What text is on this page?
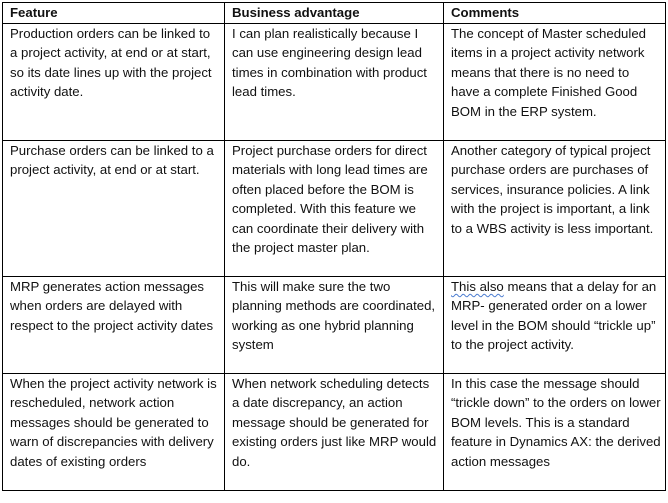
Feature	Business advantage	Comments
Production orders can be linked to a project activity, at end or at start, so its date lines up with the project activity date.	I can plan realistically because I can use engineering design lead times in combination with product lead times.	The concept of Master scheduled items in a project activity network means that there is no need to have a complete Finished Good BOM in the ERP system.
Purchase orders can be linked to a project activity, at end or at start.	Project purchase orders for direct materials with long lead times are often placed before the BOM is completed. With this feature we can coordinate their delivery with the project master plan.	Another category of typical project purchase orders are purchases of services, insurance policies. A link with the project is important, a link to a WBS activity is less important.
MRP generates action messages when orders are delayed with respect to the project activity dates	This will make sure the two planning methods are coordinated, working as one hybrid planning system	This also means that a delay for an MRP- generated order on a lower level in the BOM should “trickle up” to the project activity.
When the project activity network is rescheduled, network action messages should be generated to warn of discrepancies with delivery dates of existing orders	When network scheduling detects a date discrepancy, an action message should be generated for existing orders just like MRP would do.	In this case the message should “trickle down” to the orders on lower BOM levels. This is a standard feature in Dynamics AX: the derived action messages
